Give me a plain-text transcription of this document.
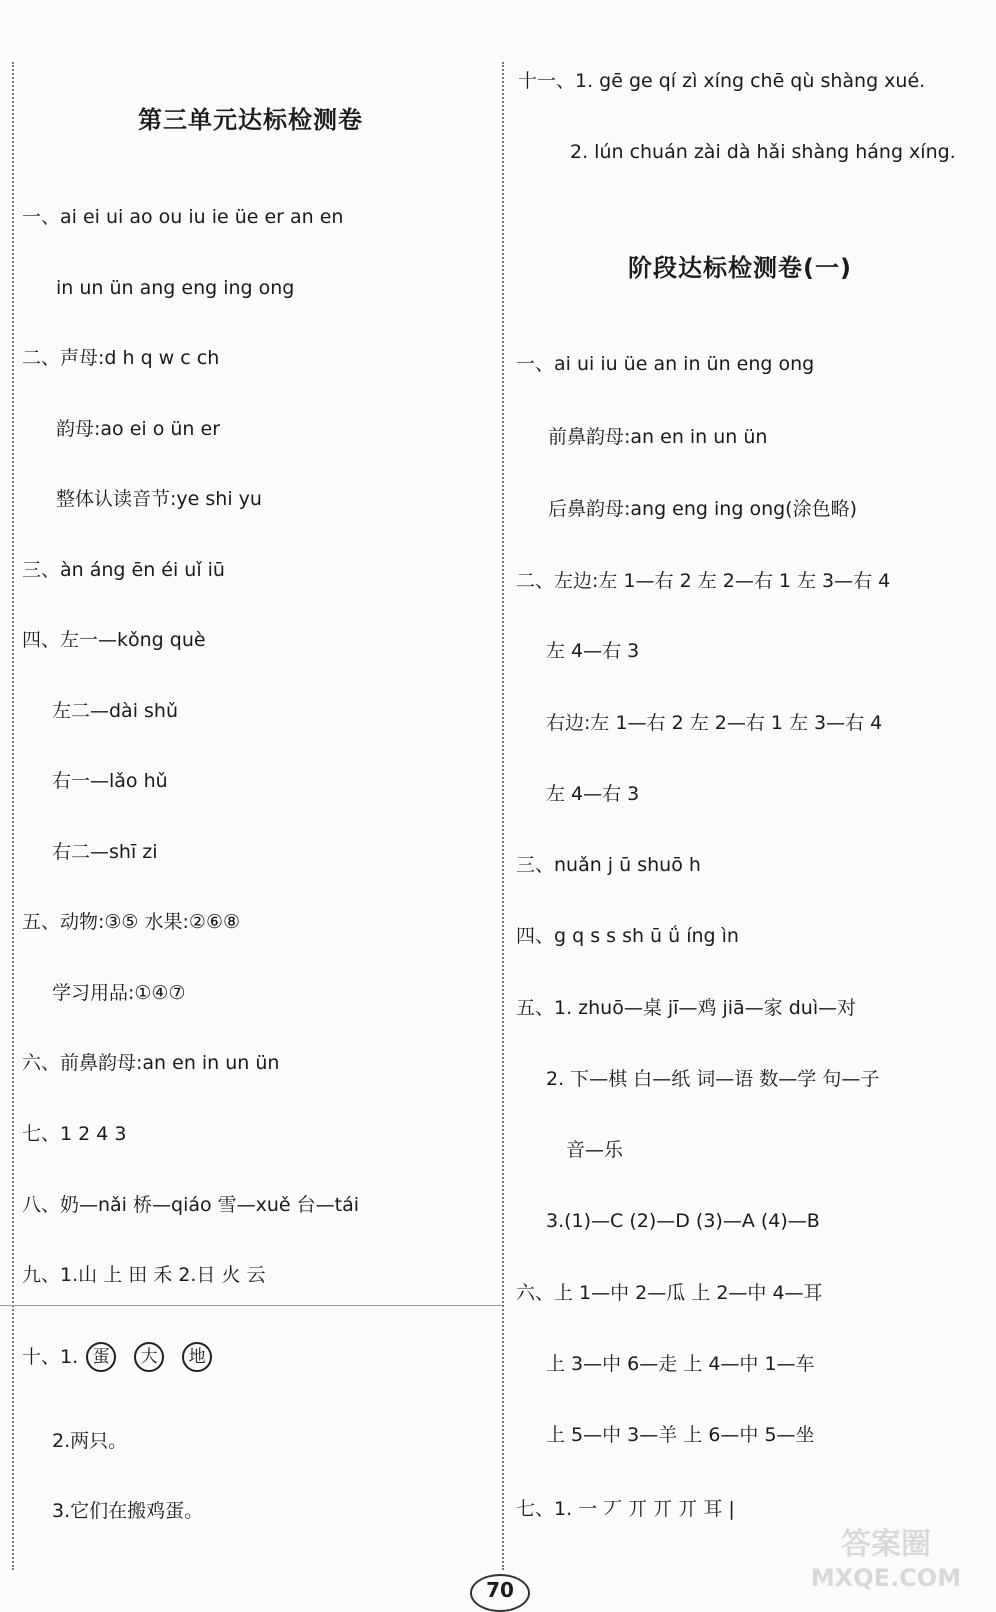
第三单元达标检测卷
一、ai ei ui ao ou iu ie üe er an en
in un ün ang eng ing ong
二、声母:d h q w c ch
韵母:ao ei o ün er
整体认读音节:ye shi yu
三、àn áng ēn éi uǐ iū
四、左一—kǒng què
左二—dài shǔ
右一—lǎo hǔ
右二—shī zi
五、动物:③⑤ 水果:②⑥⑧
学习用品:①④⑦
六、前鼻韵母:an en in un ün
七、1 2 4 3
八、奶—nǎi 桥—qiáo 雪—xuě 台—tái
九、1.山 上 田 禾 2.日 火 云
十、1. 蛋	大	地
2.两只。
3.它们在搬鸡蛋。
十一、1. gē ge qí zì xíng chē qù shàng xué.
2. lún chuán zài dà hǎi shàng háng xíng.
阶段达标检测卷(一)
一、ai ui iu üe an in ün eng ong
前鼻韵母:an en in un ün
后鼻韵母:ang eng ing ong(涂色略)
二、左边:左 1—右 2 左 2—右 1 左 3—右 4
左 4—右 3
右边:左 1—右 2 左 2—右 1 左 3—右 4
左 4—右 3
三、nuǎn j ū shuō h
四、g q s s sh ū ǘ íng ìn
五、1. zhuō—桌 jī—鸡 jiā—家 duì—对
2. 下—棋 白—纸 词—语 数—学 句—子
音—乐
3.(1)—C (2)—D (3)—A (4)—B
六、上 1—中 2—瓜 上 2—中 4—耳
上 3—中 6—走 上 4—中 1—车
上 5—中 3—羊 上 6—中 5—坐
七、1. 一 丆 丌 丌 丌 耳 |
70
答案圈
MXQE.COM
